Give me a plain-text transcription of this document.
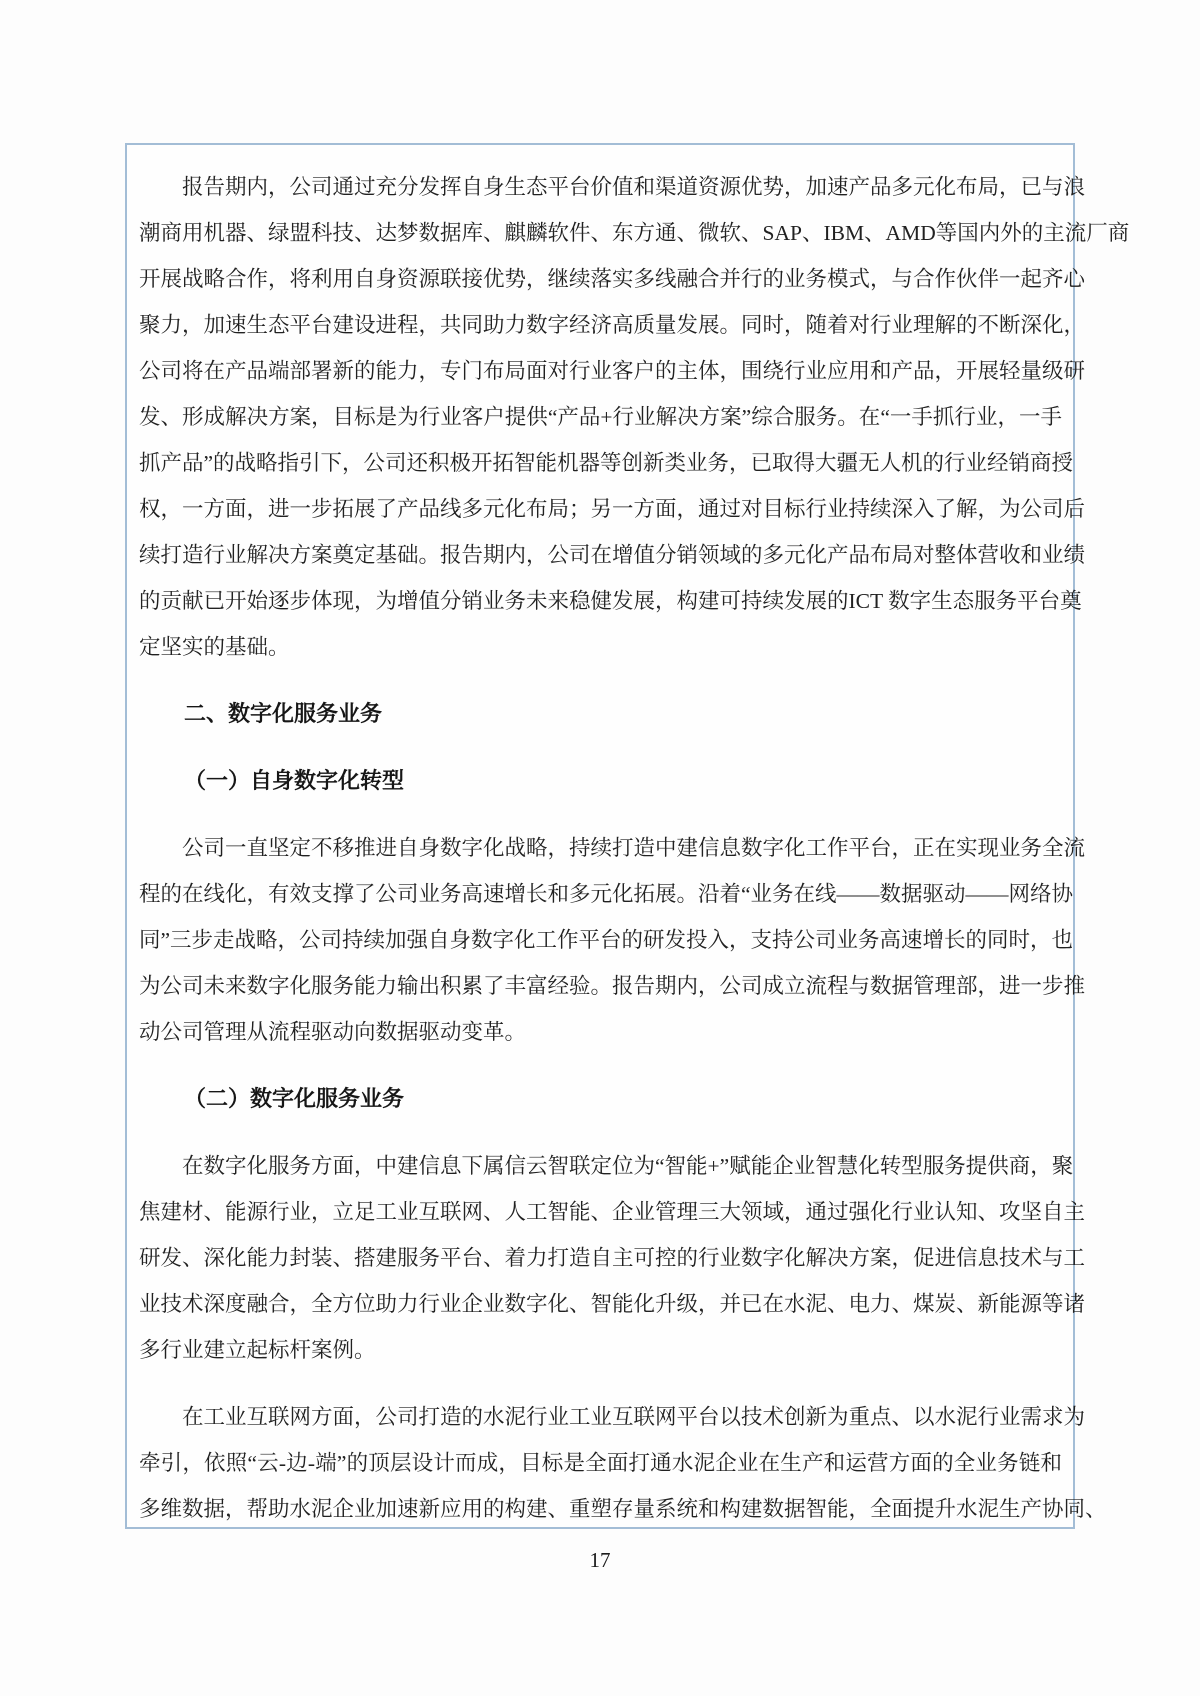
报告期内，公司通过充分发挥自身生态平台价值和渠道资源优势，加速产品多元化布局，已与浪
潮商用机器、绿盟科技、达梦数据库、麒麟软件、东方通、微软、SAP、IBM、AMD等国内外的主流厂商
开展战略合作，将利用自身资源联接优势，继续落实多线融合并行的业务模式，与合作伙伴一起齐心
聚力，加速生态平台建设进程，共同助力数字经济高质量发展。同时，随着对行业理解的不断深化，
公司将在产品端部署新的能力，专门布局面对行业客户的主体，围绕行业应用和产品，开展轻量级研
发、形成解决方案，目标是为行业客户提供“产品+行业解决方案”综合服务。在“一手抓行业，一手
抓产品”的战略指引下，公司还积极开拓智能机器等创新类业务，已取得大疆无人机的行业经销商授
权，一方面，进一步拓展了产品线多元化布局；另一方面，通过对目标行业持续深入了解，为公司后
续打造行业解决方案奠定基础。报告期内，公司在增值分销领域的多元化产品布局对整体营收和业绩
的贡献已开始逐步体现，为增值分销业务未来稳健发展，构建可持续发展的ICT 数字生态服务平台奠
定坚实的基础。
二、数字化服务业务
（一）自身数字化转型
公司一直坚定不移推进自身数字化战略，持续打造中建信息数字化工作平台，正在实现业务全流
程的在线化，有效支撑了公司业务高速增长和多元化拓展。沿着“业务在线——数据驱动——网络协
同”三步走战略，公司持续加强自身数字化工作平台的研发投入，支持公司业务高速增长的同时，也
为公司未来数字化服务能力输出积累了丰富经验。报告期内，公司成立流程与数据管理部，进一步推
动公司管理从流程驱动向数据驱动变革。
（二）数字化服务业务
在数字化服务方面，中建信息下属信云智联定位为“智能+”赋能企业智慧化转型服务提供商，聚
焦建材、能源行业，立足工业互联网、人工智能、企业管理三大领域，通过强化行业认知、攻坚自主
研发、深化能力封装、搭建服务平台、着力打造自主可控的行业数字化解决方案，促进信息技术与工
业技术深度融合，全方位助力行业企业数字化、智能化升级，并已在水泥、电力、煤炭、新能源等诸
多行业建立起标杆案例。
在工业互联网方面，公司打造的水泥行业工业互联网平台以技术创新为重点、以水泥行业需求为
牵引，依照“云-边-端”的顶层设计而成，目标是全面打通水泥企业在生产和运营方面的全业务链和
多维数据，帮助水泥企业加速新应用的构建、重塑存量系统和构建数据智能，全面提升水泥生产协同、
17
